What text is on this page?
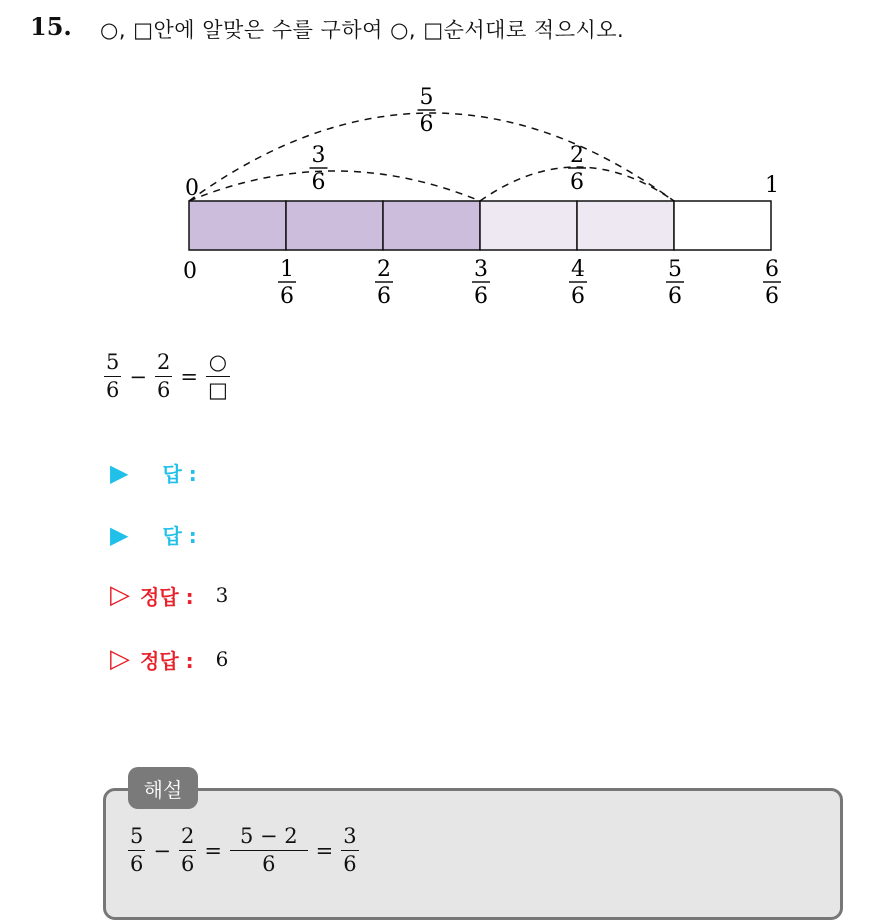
15. ○, □안에 알맞은 수를 구하여 ○, □순서대로 적으시오.
5
6
3
6
2
6
0	1
6
2
6
3
6
4
6
5
6
6
6
0	1
$\frac{5}{6} - \frac{2}{6} = \frac{○}{□}$
▶ 답 :
▶ 답 :
▷ 정답 : 3
▷ 정답 : 6
해설
$\frac{5}{6} - \frac{2}{6} = \frac{5 - 2}{6} = \frac{3}{6}$
